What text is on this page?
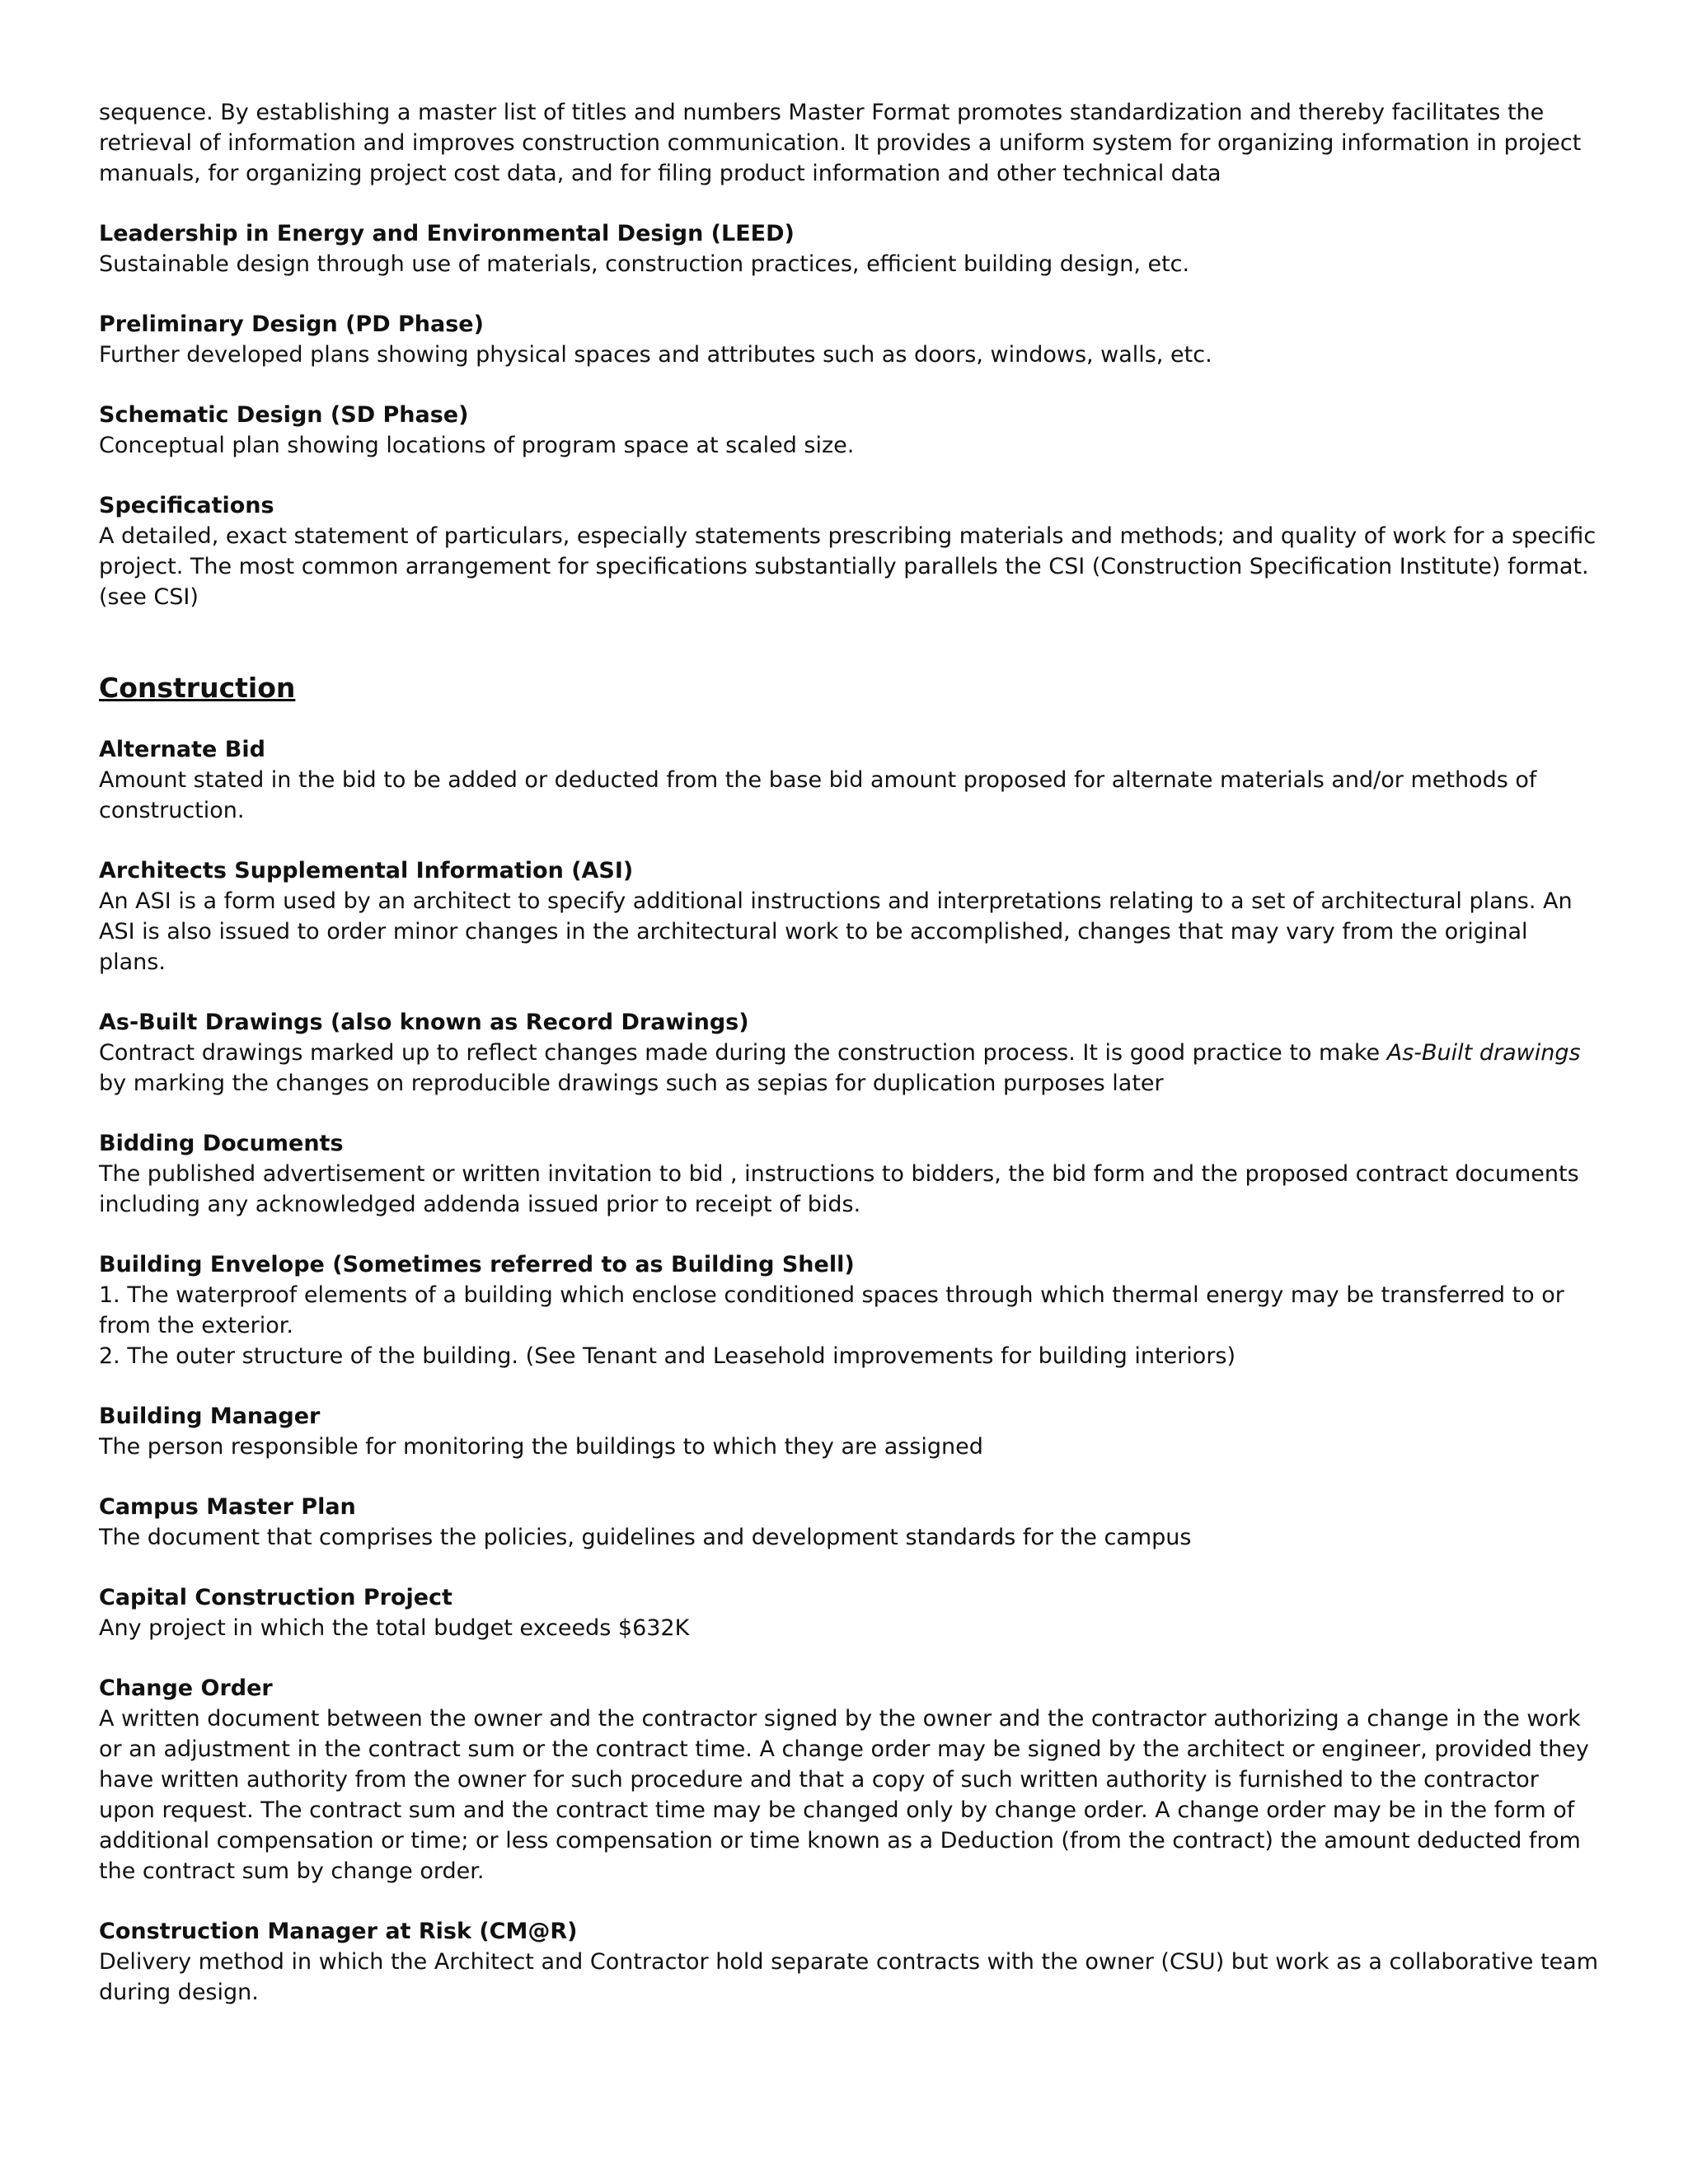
sequence. By establishing a master list of titles and numbers Master Format promotes standardization and thereby facilitates the retrieval of information and improves construction communication. It provides a uniform system for organizing information in project manuals, for organizing project cost data, and for filing product information and other technical data

Leadership in Energy and Environmental Design (LEED)

Sustainable design through use of materials, construction practices, efficient building design, etc.

Preliminary Design (PD Phase)

Further developed plans showing physical spaces and attributes such as doors, windows, walls, etc.

Schematic Design (SD Phase)

Conceptual plan showing locations of program space at scaled size.

Specifications

A detailed, exact statement of particulars, especially statements prescribing materials and methods; and quality of work for a specific project. The most common arrangement for specifications substantially parallels the CSI (Construction Specification Institute) format. (see CSI)

Construction

Alternate Bid

Amount stated in the bid to be added or deducted from the base bid amount proposed for alternate materials and/or methods of construction.

Architects Supplemental Information (ASI)

An ASI is a form used by an architect to specify additional instructions and interpretations relating to a set of architectural plans. An ASI is also issued to order minor changes in the architectural work to be accomplished, changes that may vary from the original plans.

As-Built Drawings (also known as Record Drawings)

Contract drawings marked up to reflect changes made during the construction process. It is good practice to make As-Built drawings by marking the changes on reproducible drawings such as sepias for duplication purposes later

Bidding Documents

The published advertisement or written invitation to bid , instructions to bidders, the bid form and the proposed contract documents including any acknowledged addenda issued prior to receipt of bids.

Building Envelope (Sometimes referred to as Building Shell)

1. The waterproof elements of a building which enclose conditioned spaces through which thermal energy may be transferred to or from the exterior.

2. The outer structure of the building. (See Tenant and Leasehold improvements for building interiors)

Building Manager

The person responsible for monitoring the buildings to which they are assigned

Campus Master Plan

The document that comprises the policies, guidelines and development standards for the campus

Capital Construction Project

Any project in which the total budget exceeds $632K

Change Order

A written document between the owner and the contractor signed by the owner and the contractor authorizing a change in the work or an adjustment in the contract sum or the contract time. A change order may be signed by the architect or engineer, provided they have written authority from the owner for such procedure and that a copy of such written authority is furnished to the contractor upon request. The contract sum and the contract time may be changed only by change order. A change order may be in the form of additional compensation or time; or less compensation or time known as a Deduction (from the contract) the amount deducted from the contract sum by change order.

Construction Manager at Risk (CM@R)

Delivery method in which the Architect and Contractor hold separate contracts with the owner (CSU) but work as a collaborative team during design.
